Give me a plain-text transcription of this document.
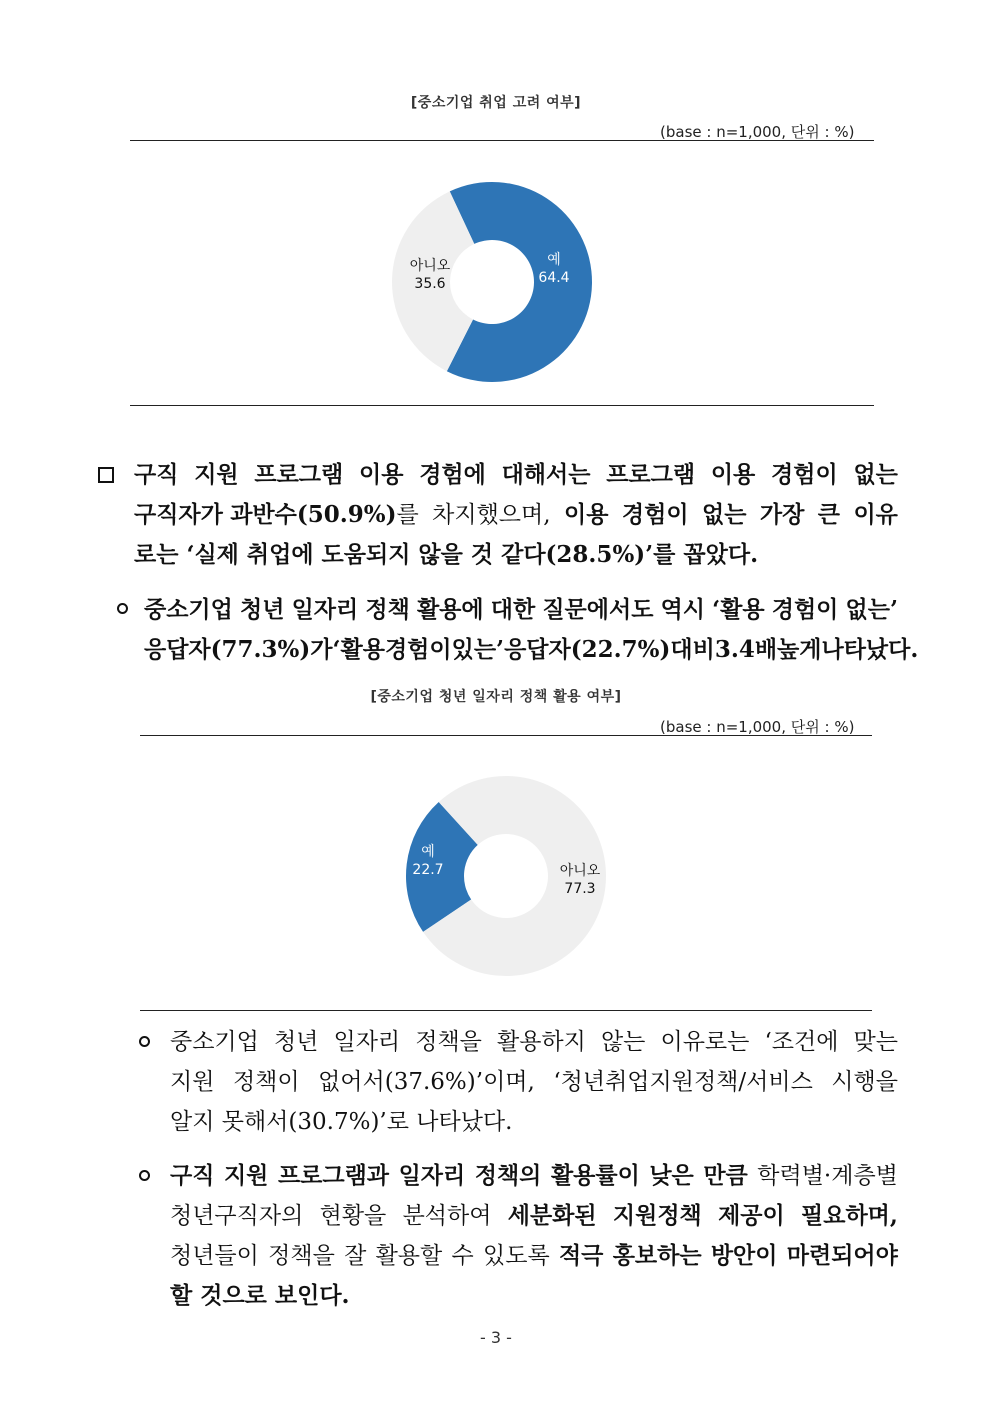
[중소기업 취업 고려 여부]
(base : n=1,000, 단위 : %)
예
64.4
아니오
35.6
구직 지원 프로그램 이용 경험에 대해서는 프로그램 이용 경험이 없는
구직자가 과반수(50.9%)를 차지했으며, 이용 경험이 없는 가장 큰 이유
로는 ‘실제 취업에 도움되지 않을 것 같다(28.5%)’를 꼽았다.
중소기업 청년 일자리 정책 활용에 대한 질문에서도 역시 ‘활용 경험이 없는’
응답자(77.3%)가 ‘활용 경험이 있는’ 응답자(22.7%) 대비 3.4배 높게 나타났다.
[중소기업 청년 일자리 정책 활용 여부]
(base : n=1,000, 단위 : %)
예
22.7	아니오
77.3
중소기업 청년 일자리 정책을 활용하지 않는 이유로는 ‘조건에 맞는
지원 정책이 없어서(37.6%)’이며, ‘청년취업지원정책/서비스 시행을
알지 못해서(30.7%)’로 나타났다.
구직 지원 프로그램과 일자리 정책의 활용률이 낮은 만큼 학력별·계층별
청년구직자의 현황을 분석하여 세분화된 지원정책 제공이 필요하며,
청년들이 정책을 잘 활용할 수 있도록 적극 홍보하는 방안이 마련되어야
할 것으로 보인다.
- 3 -
